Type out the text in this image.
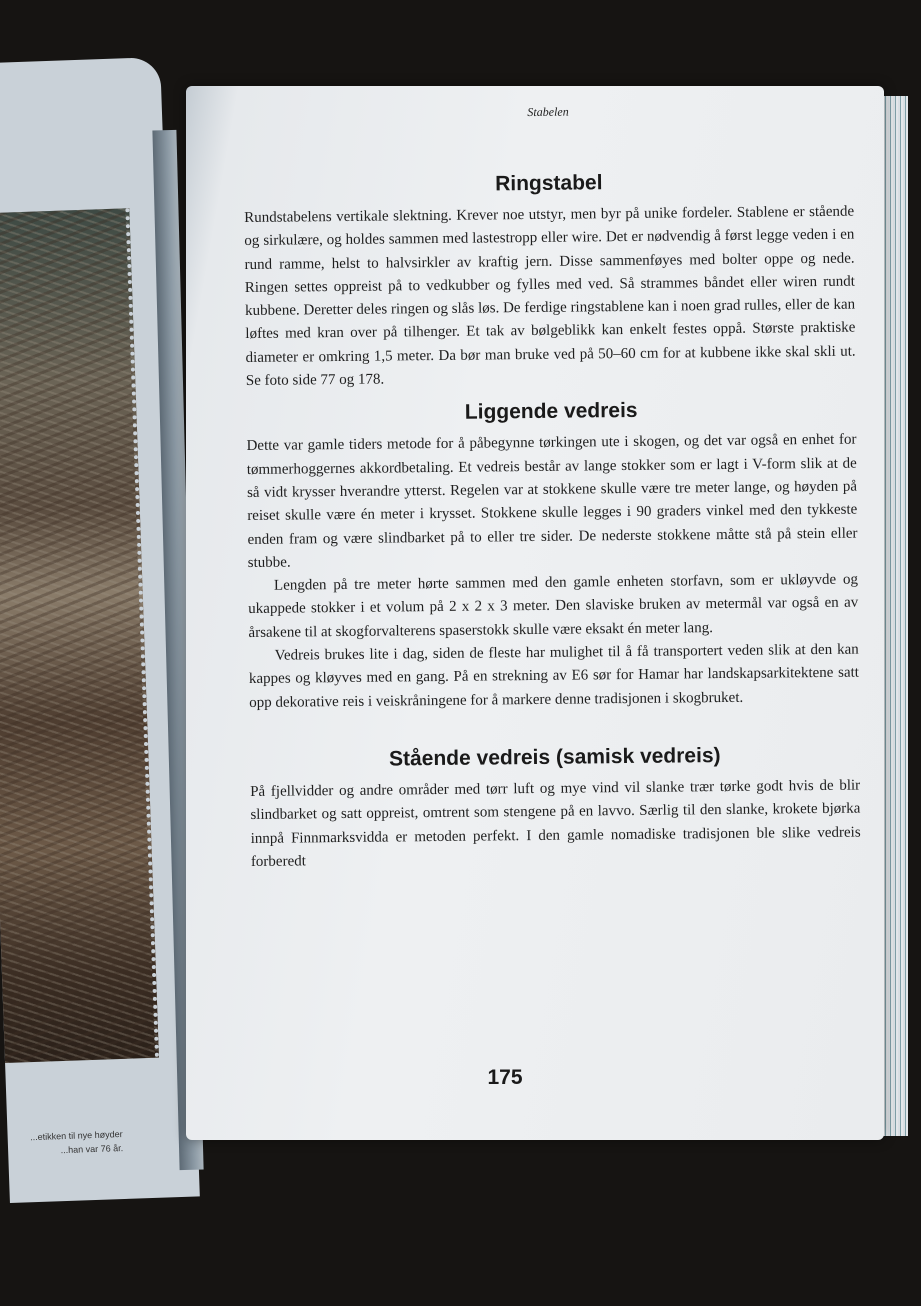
...etikken til nye høyder
...han var 76 år.
Stabelen
Ringstabel

Rundstabelens vertikale slektning. Krever noe utstyr, men byr på unike fordeler. Stablene er stående og sirkulære, og holdes sammen med lastestropp eller wire. Det er nødvendig å først legge veden i en rund ramme, helst to halvsirkler av kraftig jern. Disse sammenføyes med bolter oppe og nede. Ringen settes oppreist på to vedkubber og fylles med ved. Så strammes båndet eller wiren rundt kubbene. Deretter deles ringen og slås løs. De ferdige ringstablene kan i noen grad rulles, eller de kan løftes med kran over på tilhenger. Et tak av bølgeblikk kan enkelt festes oppå. Største praktiske diameter er omkring 1,5 meter. Da bør man bruke ved på 50–60 cm for at kubbene ikke skal skli ut. Se foto side 77 og 178.

Liggende vedreis

Dette var gamle tiders metode for å påbegynne tørkingen ute i skogen, og det var også en enhet for tømmerhoggernes akkordbetaling. Et vedreis består av lange stokker som er lagt i V-form slik at de så vidt krysser hverandre ytterst. Regelen var at stokkene skulle være tre meter lange, og høyden på reiset skulle være én meter i krysset. Stokkene skulle legges i 90 graders vinkel med den tykkeste enden fram og være slindbarket på to eller tre sider. De nederste stokkene måtte stå på stein eller stubbe.

Lengden på tre meter hørte sammen med den gamle enheten storfavn, som er ukløyvde og ukappede stokker i et volum på 2 x 2 x 3 meter. Den slaviske bruken av metermål var også en av årsakene til at skogforvalterens spaserstokk skulle være eksakt én meter lang.

Vedreis brukes lite i dag, siden de fleste har mulighet til å få transportert veden slik at den kan kappes og kløyves med en gang. På en strekning av E6 sør for Hamar har landskapsarkitektene satt opp dekorative reis i veiskråningene for å markere denne tradisjonen i skogbruket.

Stående vedreis (samisk vedreis)

På fjellvidder og andre områder med tørr luft og mye vind vil slanke trær tørke godt hvis de blir slindbarket og satt oppreist, omtrent som stengene på en lavvo. Særlig til den slanke, krokete bjørka innpå Finnmarksvidda er metoden perfekt. I den gamle nomadiske tradisjonen ble slike vedreis forberedt

175
